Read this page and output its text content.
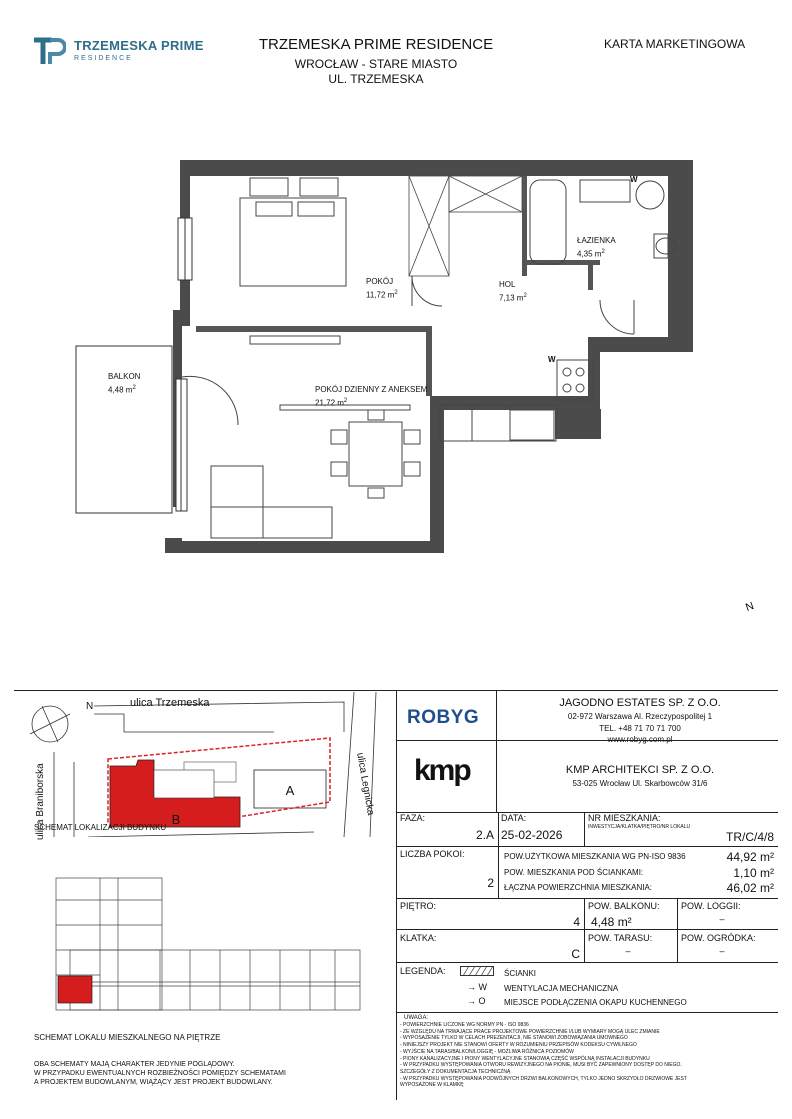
TRZEMESKA PRIME
RESIDENCE
TRZEMESKA PRIME RESIDENCE
WROCŁAW - STARE MIASTO
UL. TRZEMESKA
KARTA MARKETINGOWA
POKÓJ
11,72 $m^2$
HOL
7,13 $m^2$
ŁAZIENKA
4,35 $m^2$
BALKON
4,48 $m^2$	POKÓJ DZIENNY Z ANEKSEM
21,72 $m^2$
W
W
N
ROBYG
JAGODNO ESTATES SP. Z O.O.
02-972 Warszawa Al. Rzeczypospolitej 1
TEL. +48 71 70 71 700
www.robyg.com.pl
kmp	KMP ARCHITEKCI SP. Z O.O.
53-025 Wrocław Ul. Skarbowców 31/6
FAZA:
2.A
DATA:
25-02-2026
NR MIESZKANIA:
INWESTYCJA/KLATKA/PIĘTRO/NR LOKALU
TR/C/4/8
LICZBA POKOI:
2
POW.UŻYTKOWA MIESZKANIA WG PN-ISO 9836	44,92 m²
POW. MIESZKANIA POD ŚCIANKAMI:	1,10 m²
ŁĄCZNA POWIERZCHNIA MIESZKANIA:	46,02 m²
PIĘTRO:
4
POW. BALKONU:
4,48 m²
POW. LOGGII:
–
KLATKA:
C
POW. TARASU:
–
POW. OGRÓDKA:
–
LEGENDA:	ŚCIANKI
→ W WENTYLACJA MECHANICZNA
→ O MIEJSCE PODŁĄCZENIA OKAPU KUCHENNEGO
UWAGA:
- POWIERZCHNIE LICZONE WG NORMY PN - ISO 9836
- ZE WZGLĘDU NA TRWAJĄCE PRACE PROJEKTOWE POWIERZCHNIE I/LUB WYMIARY MOGĄ ULEC ZMIANIE
- WYPOSAŻENIE TYLKO W CELACH PREZENTACJI, NIE STANOWI ZOBOWIĄZANIA UMOWNEGO
- NINIEJSZY PROJEKT NIE STANOWI OFERTY W ROZUMIENIU PRZEPISÓW KODEKSU CYWILNEGO
- WYJŚCIE NA TARAS/BALKON/LOGGIĘ - MOŻLIWA RÓŻNICA POZIOMÓW
- PIONY KANALIZACYJNE I PIONY WENTYLACYJNE STANOWIĄ CZĘŚĆ WSPÓLNĄ INSTALACJI BUDYNKU
- W PRZYPADKU WYSTĘPOWANIA OTWORU REWIZYJNEGO NA PIONIE, MUSI BYĆ ZAPEWNIONY DOSTĘP DO NIEGO.
SZCZEGÓŁY Z DOKUMENTACJA TECHNICZNĄ
- W PRZYPADKU WYSTĘPOWANIA PODWÓJNYCH DRZWI BALKONOWYCH, TYLKO JEDNO SKRZYDŁO DRZWIOWE JEST
WYPOSAŻONE W KLAMKĘ
ulica Trzemeska
ulica Braniborska	ulica Legnicka
A
B
N
SCHEMAT LOKALIZACJI BUDYNKU
SCHEMAT LOKALU MIESZKALNEGO NA PIĘTRZE
OBA SCHEMATY MAJĄ CHARAKTER JEDYNIE POGLĄDOWY.
W PRZYPADKU EWENTUALNYCH ROZBIEŻNOŚCI POMIĘDZY SCHEMATAMI
A PROJEKTEM BUDOWLANYM, WIĄŻĄCY JEST PROJEKT BUDOWLANY.
